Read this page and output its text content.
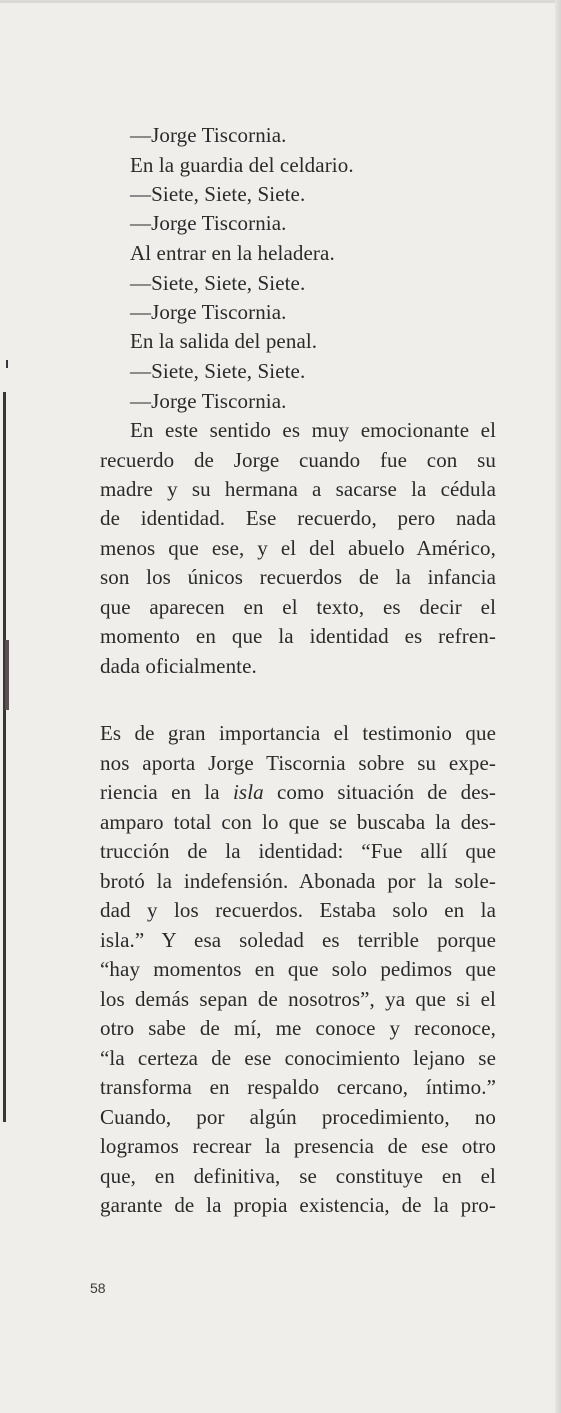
—Jorge Tiscornia.
En la guardia del celdario.
—Siete, Siete, Siete.
—Jorge Tiscornia.
Al entrar en la heladera.
—Siete, Siete, Siete.
—Jorge Tiscornia.
En la salida del penal.
—Siete, Siete, Siete.
—Jorge Tiscornia.
En este sentido es muy emocionante el
recuerdo de Jorge cuando fue con su
madre y su hermana a sacarse la cédula
de identidad. Ese recuerdo, pero nada
menos que ese, y el del abuelo Américo,
son los únicos recuerdos de la infancia
que aparecen en el texto, es decir el
momento en que la identidad es refren-
dada oficialmente.
Es de gran importancia el testimonio que
nos aporta Jorge Tiscornia sobre su expe-
riencia en la isla como situación de des-
amparo total con lo que se buscaba la des-
trucción de la identidad: “Fue allí que
brotó la indefensión. Abonada por la sole-
dad y los recuerdos. Estaba solo en la
isla.” Y esa soledad es terrible porque
“hay momentos en que solo pedimos que
los demás sepan de nosotros”, ya que si el
otro sabe de mí, me conoce y reconoce,
“la certeza de ese conocimiento lejano se
transforma en respaldo cercano, íntimo.”
Cuando, por algún procedimiento, no
logramos recrear la presencia de ese otro
que, en definitiva, se constituye en el
garante de la propia existencia, de la pro-
58
